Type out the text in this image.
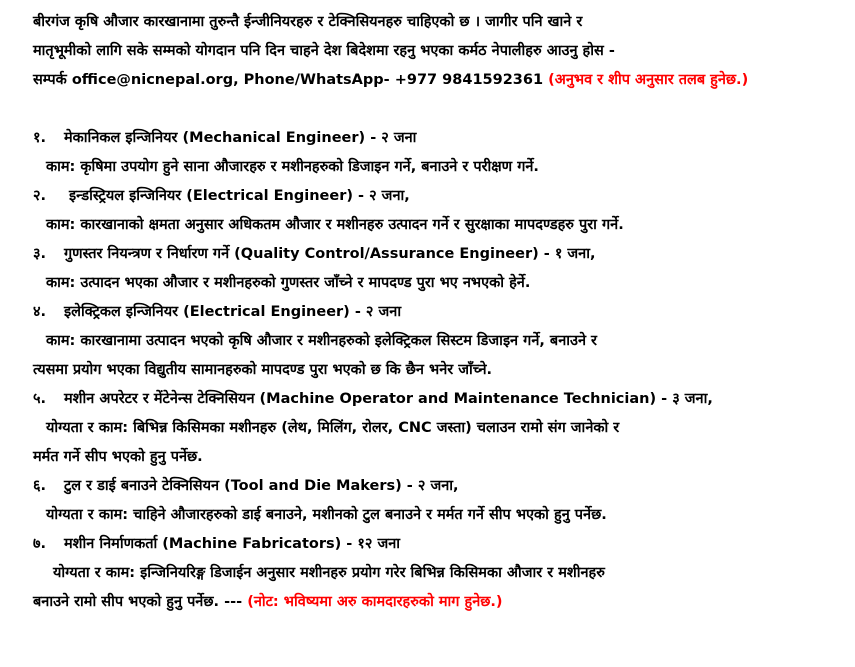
बीरगंज कृषि औजार कारखानामा तुरुन्तै ईन्जीनियरहरु र टेक्निसियनहरु चाहिएको छ । जागीर पनि खाने र

मातृभूमीको लागि सके सम्मको योगदान पनि दिन चाहने देश बिदेशमा रहनु भएका कर्मठ नेपालीहरु आउनु होस -

सम्पर्क office@nicnepal.org, Phone/WhatsApp- +977 9841592361 (अनुभव र शीप अनुसार तलब हुनेछ.)

१. मेकानिकल इन्जिनियर (Mechanical Engineer) - २ जना

काम: कृषिमा उपयोग हुने साना औजारहरु र मशीनहरुको डिजाइन गर्ने, बनाउने र परीक्षण गर्ने.

२. इन्डस्ट्रियल इन्जिनियर (Electrical Engineer) - २ जना,

काम: कारखानाको क्षमता अनुसार अधिकतम औजार र मशीनहरु उत्पादन गर्ने र सुरक्षाका मापदण्डहरु पुरा गर्ने.

३. गुणस्तर नियन्त्रण र निर्धारण गर्ने (Quality Control/Assurance Engineer) - १ जना,

काम: उत्पादन भएका औजार र मशीनहरुको गुणस्तर जाँच्ने र मापदण्ड पुरा भए नभएको हेर्ने.

४. इलेक्ट्रिकल इन्जिनियर (Electrical Engineer) - २ जना

काम: कारखानामा उत्पादन भएको कृषि औजार र मशीनहरुको इलेक्ट्रिकल सिस्टम डिजाइन गर्ने, बनाउने र

त्यसमा प्रयोग भएका विद्युतीय सामानहरुको मापदण्ड पुरा भएको छ कि छैन भनेर जाँच्ने.

५. मशीन अपरेटर र मेंटेनेन्स टेक्निसियन (Machine Operator and Maintenance Technician) - ३ जना,

योग्यता र काम: बिभिन्न किसिमका मशीनहरु (लेथ, मिलिंग, रोलर, CNC जस्ता) चलाउन रामो संग जानेको र

मर्मत गर्ने सीप भएको हुनु पर्नेछ.

६. टुल र डाई बनाउने टेक्निसियन (Tool and Die Makers) - २ जना,

योग्यता र काम: चाहिने औजारहरुको डाई बनाउने, मशीनको टुल बनाउने र मर्मत गर्ने सीप भएको हुनु पर्नेछ.

७. मशीन निर्माणकर्ता (Machine Fabricators) - १२ जना

योग्यता र काम: इन्जिनियरिङ्ग डिजाईन अनुसार मशीनहरु प्रयोग गरेर बिभिन्न किसिमका औजार र मशीनहरु

बनाउने रामो सीप भएको हुनु पर्नेछ. --- (नोट: भविष्यमा अरु कामदारहरुको माग हुनेछ.)
